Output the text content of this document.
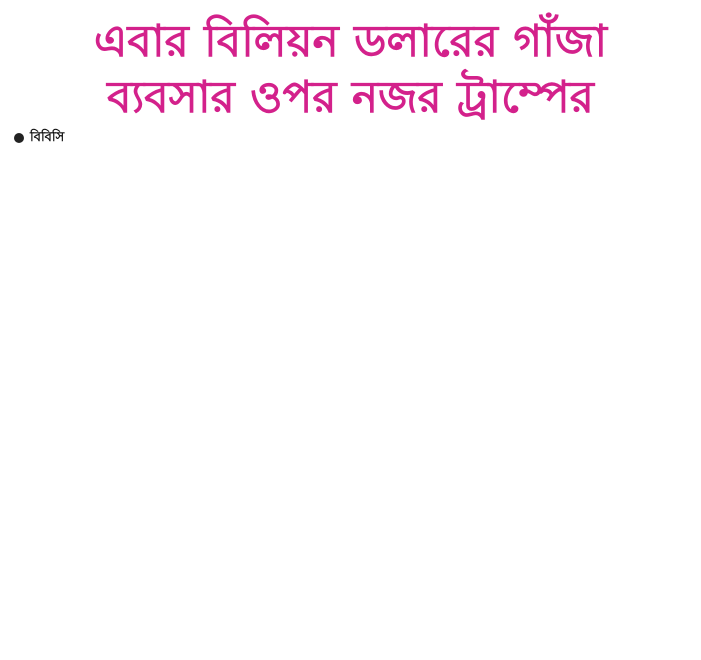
এবার বিলিয়ন ডলারের গাঁজা
ব্যবসার ওপর নজর ট্রাম্পের
বিবিসি
